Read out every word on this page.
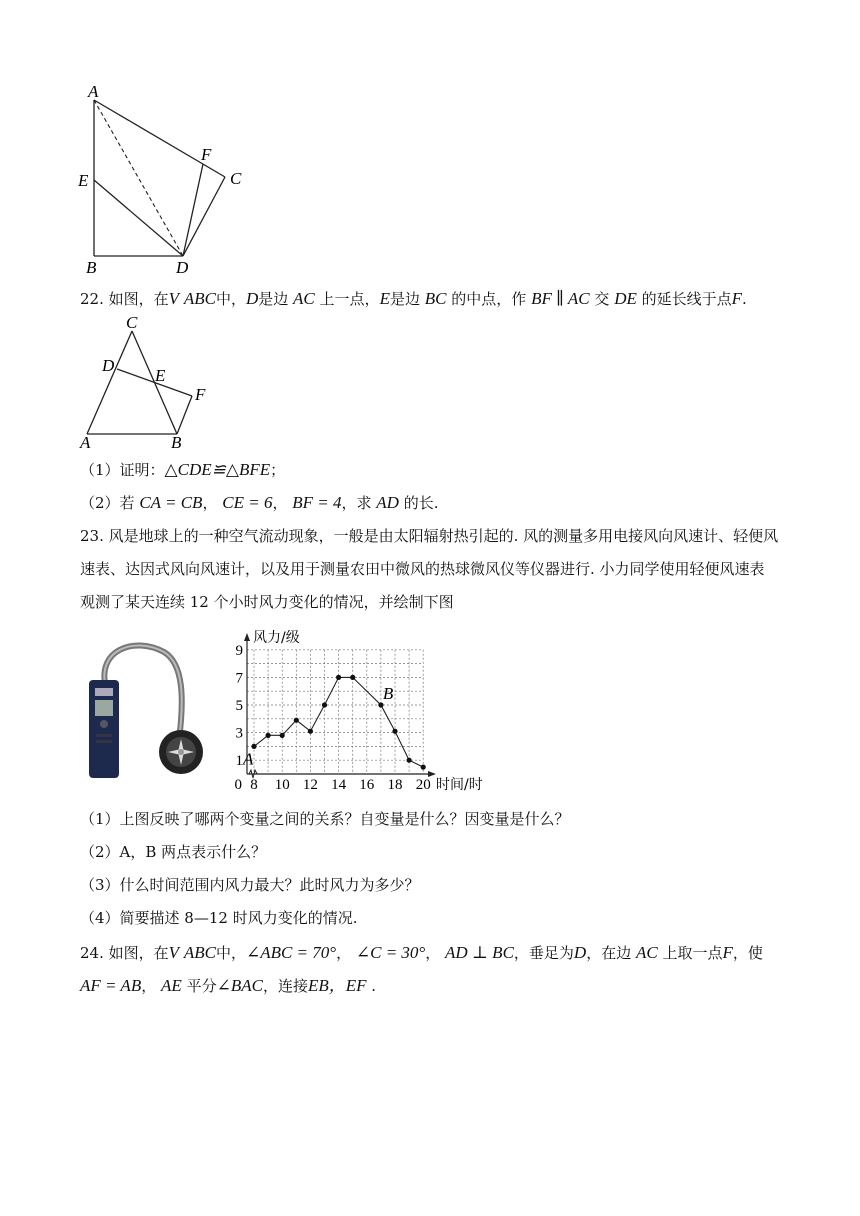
A
E
B	D
F
C
22. 如图，在V ABC中，D是边 AC 上一点，E是边 BC 的中点，作 BF ∥ AC 交 DE 的延长线于点F.
C
D
E
F
A	B
（1）证明：△CDE≌△BFE；
（2）若 CA = CB， CE = 6， BF = 4，求 AD 的长.
23. 风是地球上的一种空气流动现象，一般是由太阳辐射热引起的. 风的测量多用电接风向风速计、轻便风
速表、达因式风向风速计，以及用于测量农田中微风的热球微风仪等仪器进行. 小力同学使用轻便风速表
观测了某天连续 12 个小时风力变化的情况，并绘制下图
8 10 12 14 16 18 20
1
3
5
7
9
0
风力/级
时间/时
A
B
（1）上图反映了哪两个变量之间的关系？自变量是什么？因变量是什么？
（2）A，B 两点表示什么？
（3）什么时间范围内风力最大？此时风力为多少？
（4）简要描述 8—12 时风力变化的情况.
24. 如图，在V ABC中，∠ABC = 70°， ∠C = 30°， AD ⊥ BC，垂足为D，在边 AC 上取一点F，使
AF = AB， AE 平分∠BAC，连接EB，EF .
